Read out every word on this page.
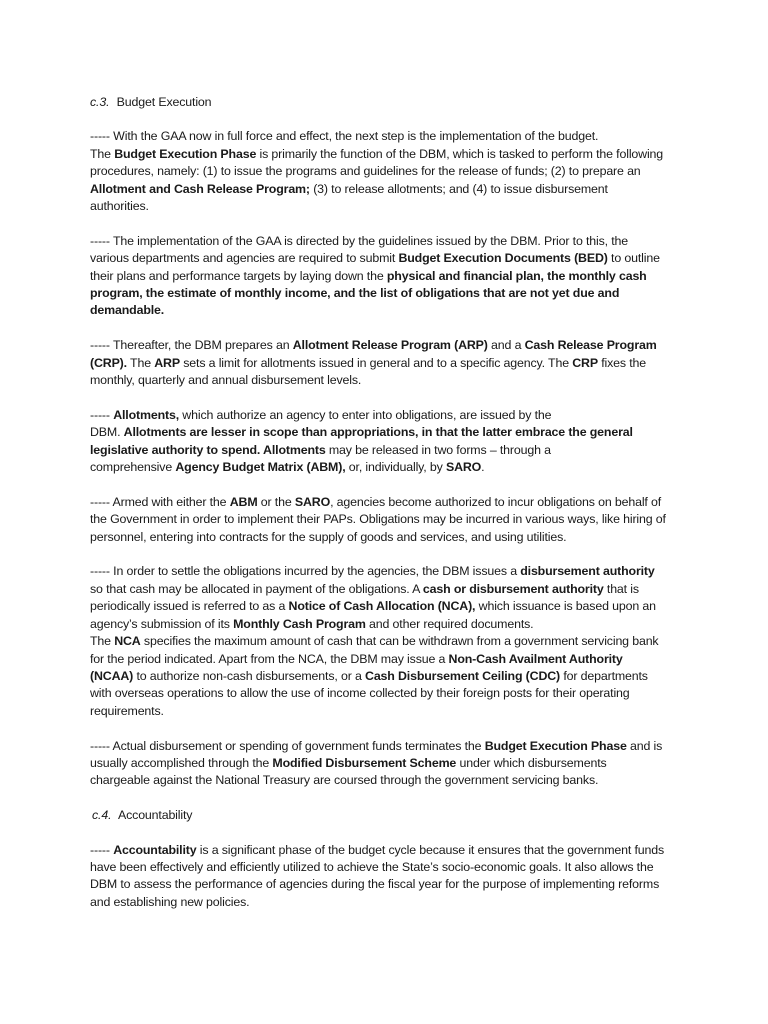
c.3. Budget Execution

----- With the GAA now in full force and effect, the next step is the implementation of the budget.
The Budget Execution Phase is primarily the function of the DBM, which is tasked to perform the following procedures, namely: (1) to issue the programs and guidelines for the release of funds; (2) to prepare an Allotment and Cash Release Program; (3) to release allotments; and (4) to issue disbursement authorities.

----- The implementation of the GAA is directed by the guidelines issued by the DBM. Prior to this, the various departments and agencies are required to submit Budget Execution Documents (BED) to outline their plans and performance targets by laying down the physical and financial plan, the monthly cash program, the estimate of monthly income, and the list of obligations that are not yet due and demandable.

----- Thereafter, the DBM prepares an Allotment Release Program (ARP) and a Cash Release Program (CRP). The ARP sets a limit for allotments issued in general and to a specific agency. The CRP fixes the monthly, quarterly and annual disbursement levels.

----- Allotments, which authorize an agency to enter into obligations, are issued by the
DBM. Allotments are lesser in scope than appropriations, in that the latter embrace the general legislative authority to spend. Allotments may be released in two forms – through a
comprehensive Agency Budget Matrix (ABM), or, individually, by SARO.

----- Armed with either the ABM or the SARO, agencies become authorized to incur obligations on behalf of the Government in order to implement their PAPs. Obligations may be incurred in various ways, like hiring of personnel, entering into contracts for the supply of goods and services, and using utilities.

----- In order to settle the obligations incurred by the agencies, the DBM issues a disbursement authority so that cash may be allocated in payment of the obligations. A cash or disbursement authority that is periodically issued is referred to as a Notice of Cash Allocation (NCA), which issuance is based upon an agency’s submission of its Monthly Cash Program and other required documents.
The NCA specifies the maximum amount of cash that can be withdrawn from a government servicing bank for the period indicated. Apart from the NCA, the DBM may issue a Non-Cash Availment Authority (NCAA) to authorize non-cash disbursements, or a Cash Disbursement Ceiling (CDC) for departments with overseas operations to allow the use of income collected by their foreign posts for their operating requirements.

----- Actual disbursement or spending of government funds terminates the Budget Execution Phase and is usually accomplished through the Modified Disbursement Scheme under which disbursements chargeable against the National Treasury are coursed through the government servicing banks.

c.4. Accountability

----- Accountability is a significant phase of the budget cycle because it ensures that the government funds have been effectively and efficiently utilized to achieve the State’s socio-economic goals. It also allows the DBM to assess the performance of agencies during the fiscal year for the purpose of implementing reforms and establishing new policies.
